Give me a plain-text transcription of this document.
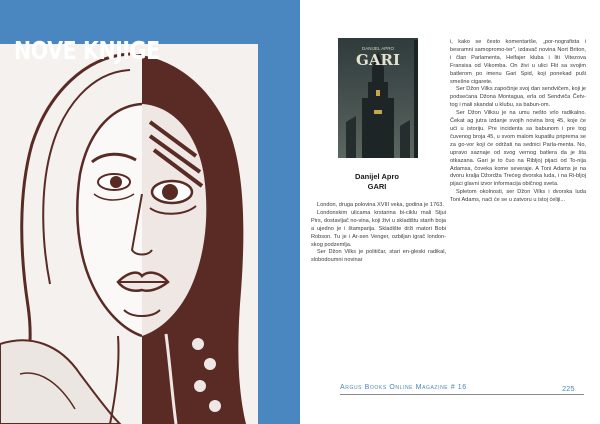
NOVE KNJIGE	DANIJEL APRO
GARI
Danijel Apro
GARI

London, druga polovina XVIII veka, godina je 1763.

Londonskim ulicama krstarina bi-ciklu mali Stjui Pirs, dostavljač no-vina, koji živi u skladištu starih boja a ujedno je i štamparija. Skladište drži matori Bobi Robson. Tu je i Ar-sen Venger, ozbiljan igrač london-skog podzemlja.

Ser Džon Vilks je političar, stari en-gleski radikal, slobodoumni novinar

i, kako se često komentariše, „por-nografista i besramni samopromo-ter", izdavač novina Nort Briton, i član Parlamenta, Helfajer kluba i liti Vitezova Fransisa od Vikomba. On živi u ulici Flit sa svojim batlerom po imenu Gari Spid, koji ponekad puši smešne cigarete.

Ser Džon Vilks započinje svoj dan sendvičem, koji je podsećana Džona Montagua, erla od Sendviča Četv-tog i mali skandal u klubu, sa babun-om.

Ser Džon Vilksu je na umu nešto vrlo radikalno. Čekat ag jutra izdanje svojih novina broj 45, koje će ući u istoriju. Pre incidenta sa babunom i pre tog čuvenog broja 45, u svom malom kupatilu priprema se za go-vor koji će održati na sednici Parla-menta. No, upravo saznaje od svog vernog batlera da je šta otkazana. Gari je to čuo na Riblјoj pijaci od To-nija Adamsa, čoveka kome severaje. A Toni Adams je na dvoru kralja Džordža Trećeg dvorska luda, i na Ri-bljoj pijaci glavni izvor informacija običnog sveta.

Spletom okolnosti, ser Džon Vilks i dvorska luda Toni Adams, naći će se u zatvoru u istoj ćeliji...

Argus Books Online Magazine # 16	225
